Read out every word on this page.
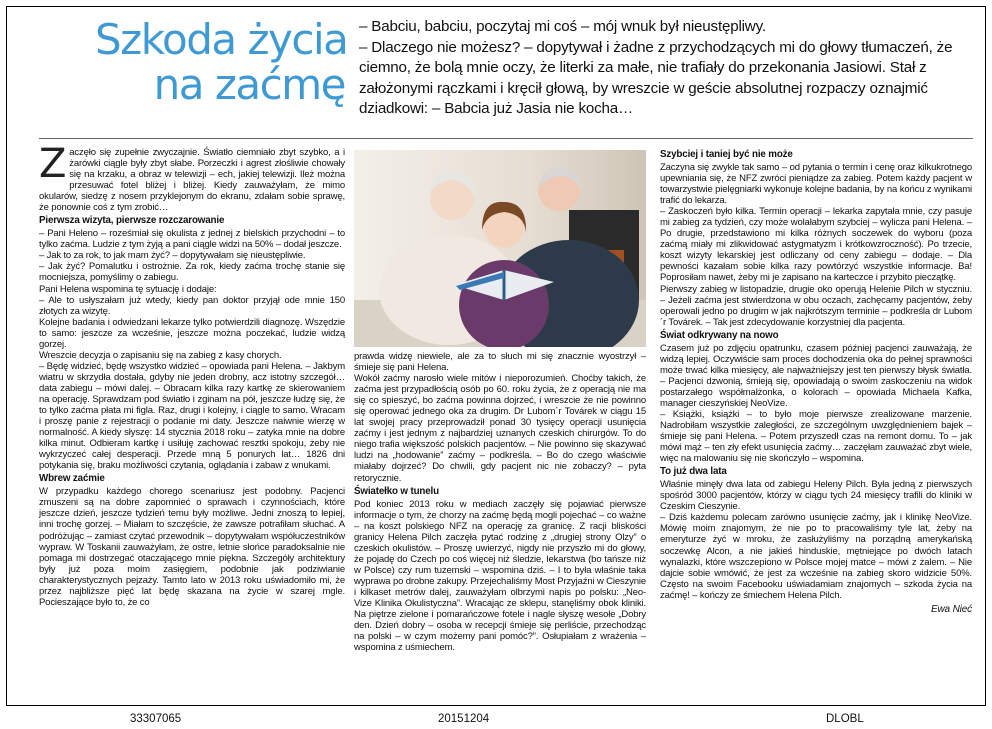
Szkoda życia
na zaćmę

– Babciu, babciu, poczytaj mi coś – mój wnuk był nieustępliwy.

– Dlaczego nie możesz? – dopytywał i żadne z przychodzących mi do głowy tłumaczeń, że ciemno, że bolą mnie oczy, że literki za małe, nie trafiały do przekonania Jasiowi. Stał z założonymi rączkami i kręcił głową, by wreszcie w geście absolutnej rozpaczy oznajmić dziadkowi: – Babcia już Jasia nie kocha…

Zaczęło się zupełnie zwyczajnie. Światło ciemniało zbyt szybko, a i żarówki ciągle były zbyt słabe. Porzeczki i agrest złośliwie chowały się na krzaku, a obraz w telewizji – ech, jakiej telewizji. Ileż można przesuwać fotel bliżej i bliżej. Kiedy zauważyłam, że mimo okularów, siedzę z nosem przyklejonym do ekranu, zdałam sobie sprawę, że ponownie coś z tym zrobić…

Pierwsza wizyta, pierwsze rozczarowanie

– Pani Heleno – roześmiał się okulista z jednej z bielskich przychodni – to tylko zaćma. Ludzie z tym żyją a pani ciągle widzi na 50% – dodał jeszcze.

– Jak to za rok, to jak mam żyć? – dopytywałam się nieustępliwie.

– Jak żyć? Pomalutku i ostrożnie. Za rok, kiedy zaćma trochę stanie się mocniejsza, pomyślimy o zabiegu.

Pani Helena wspomina tę sytuację i dodaje:

– Ale to usłyszałam już wtedy, kiedy pan doktor przyjął ode mnie 150 złotych za wizytę.

Kolejne badania i odwiedzani lekarze tylko potwierdzili diagnozę. Wszędzie to samo: jeszcze za wcześnie, jeszcze można poczekać, ludzie widzą gorzej.

Wreszcie decyzja o zapisaniu się na zabieg z kasy chorych.

– Będę widzieć, będę wszystko widzieć – opowiada pani Helena. – Jakbym wiatru w skrzydła dostała, gdyby nie jeden drobny, acz istotny szczegół… data zabiegu – mówi dalej. – Obracam kilka razy kartkę ze skierowaniem na operację. Sprawdzam pod światło i zginam na pół, jeszcze łudzę się, że to tylko zaćma płata mi figla. Raz, drugi i kolejny, i ciągle to samo. Wracam i proszę panie z rejestracji o podanie mi daty. Jeszcze naiwnie wierzę w normalność. A kiedy słyszę: 14 stycznia 2018 roku – zatyka mnie na dobre kilka minut. Odbieram kartkę i usiłuję zachować resztki spokoju, żeby nie wykrzyczeć całej desperacji. Przede mną 5 ponurych lat… 1826 dni potykania się, braku możliwości czytania, oglądania i zabaw z wnukami.

Wbrew zaćmie

W przypadku każdego chorego scenariusz jest podobny. Pacjenci zmuszeni są na dobre zapomnieć o sprawach i czynnościach, które jeszcze dzień, jeszcze tydzień temu były możliwe. Jedni znoszą to lepiej, inni trochę gorzej. – Miałam to szczęście, że zawsze potrafiłam słuchać. A podróżując – zamiast czytać przewodnik – dopytywałam współuczestników wypraw. W Toskanii zauważyłam, że ostre, letnie słońce paradoksalnie nie pomaga mi dostrzegać otaczającego mnie piękna. Szczegóły architektury były już poza moim zasięgiem, podobnie jak podziwianie charakterystycznych pejzaży. Tamto lato w 2013 roku uświadomiło mi, że przez najbliższe pięć lat będę skazana na życie w szarej mgle. Pocieszające było to, że co

prawda widzę niewiele, ale za to słuch mi się znacznie wyostrzył – śmieje się pani Helena.

Wokół zaćmy narosło wiele mitów i nieporozumień. Choćby takich, że zaćma jest przypadłością osób po 60. roku życia, że z operacją nie ma się co spieszyć, bo zaćma powinna dojrzeć, i wreszcie że nie powinno się operować jednego oka za drugim. Dr Lubom´r Továrek w ciągu 15 lat swojej pracy przeprowadził ponad 30 tysięcy operacji usunięcia zaćmy i jest jednym z najbardziej uznanych czeskich chirurgów. To do niego trafia większość polskich pacjentów. – Nie powinno się skazywać ludzi na „hodowanie” zaćmy – podkreśla. – Bo do czego właściwie miałaby dojrzeć? Do chwili, gdy pacjent nic nie zobaczy? – pyta retorycznie.

Światełko w tunelu

Pod koniec 2013 roku w mediach zaczęły się pojawiać pierwsze informacje o tym, że chorzy na zaćmę będą mogli pojechać – co ważne – na koszt polskiego NFZ na operację za granicę. Z racji bliskości granicy Helena Pilch zaczęła pytać rodzinę z „drugiej strony Olzy” o czeskich okulistów. – Proszę uwierzyć, nigdy nie przyszło mi do głowy, że pojadę do Czech po coś więcej niż śledzie, lekarstwa (bo tańsze niż w Polsce) czy rum tuzemski – wspomina dziś. – I to była właśnie taka wyprawa po drobne zakupy. Przejechaliśmy Most Przyjaźni w Cieszynie i kilkaset metrów dalej, zauważyłam olbrzymi napis po polsku: „Neo-Vize Klinika Okulistyczna”. Wracając ze sklepu, stanęliśmy obok kliniki. Na piętrze zielone i pomarańczowe fotele i nagle słyszę wesołe „Dobry den. Dzień dobry – osoba w recepcji śmieje się perliście, przechodząc na polski – w czym możemy pani pomóc?”. Osłupiałam z wrażenia – wspomina z uśmiechem.

Szybciej i taniej być nie może

Zaczyna się zwykle tak samo – od pytania o termin i cenę oraz kilkukrotnego upewniania się, że NFZ zwróci pieniądze za zabieg. Potem każdy pacjent w towarzystwie pielęgniarki wykonuje kolejne badania, by na końcu z wynikami trafić do lekarza.

– Zaskoczeń było kilka. Termin operacji – lekarka zapytała mnie, czy pasuje mi zabieg za tydzień, czy może wolałabym szybciej – wylicza pani Helena. – Po drugie, przedstawiono mi kilka różnych soczewek do wyboru (poza zaćmą miały mi zlikwidować astygmatyzm i krótkowzroczność). Po trzecie, koszt wizyty lekarskiej jest odliczany od ceny zabiegu – dodaje. – Dla pewności kazałam sobie kilka razy powtórzyć wszystkie informacje. Ba! Poprosiłam nawet, żeby mi je zapisano na karteczce i przybito pieczątkę.

Pierwszy zabieg w listopadzie, drugie oko operują Helenie Pilch w styczniu. – Jeżeli zaćma jest stwierdzona w obu oczach, zachęcamy pacjentów, żeby operowali jedno po drugim w jak najkrótszym terminie – podkreśla dr Lubom´r Továrek. – Tak jest zdecydowanie korzystniej dla pacjenta.

Świat odkrywany na nowo

Czasem już po zdjęciu opatrunku, czasem później pacjenci zauważają, że widzą lepiej. Oczywiście sam proces dochodzenia oka do pełnej sprawności może trwać kilka miesięcy, ale najważniejszy jest ten pierwszy błysk światła. – Pacjenci dzwonią, śmieją się, opowiadają o swoim zaskoczeniu na widok postarzałego współmałżonka, o kolorach – opowiada Michaela Kafka, manager cieszyńskiej NeoVize.

– Książki, książki – to było moje pierwsze zrealizowane marzenie. Nadrobiłam wszystkie zaległości, ze szczególnym uwzględnieniem bajek – śmieje się pani Helena. – Potem przyszedł czas na remont domu. To – jak mówi mąż – ten zły efekt usunięcia zaćmy… zaczęłam zauważać zbyt wiele, więc na malowaniu się nie skończyło – wspomina.

To już dwa lata

Właśnie minęły dwa lata od zabiegu Heleny Pilch. Była jedną z pierwszych spośród 3000 pacjentów, którzy w ciągu tych 24 miesięcy trafili do kliniki w Czeskim Cieszynie.

– Dziś każdemu polecam zarówno usunięcie zaćmy, jak i klinikę NeoVize. Mówię moim znajomym, że nie po to pracowaliśmy tyle lat, żeby na emeryturze żyć w mroku, że zasłużyliśmy na porządną amerykańską soczewkę Alcon, a nie jakieś hinduskie, mętniejące po dwóch latach wynalazki, które wszczepiono w Polsce mojej matce – mówi z żalem. – Nie dajcie sobie wmówić, że jest za wcześnie na zabieg skoro widzicie 50%. Często na swoim Facebooku uświadamiam znajomych – szkoda życia na zaćmę! – kończy ze śmiechem Helena Pilch.

Ewa Nieć

33307065	20151204	DLOBL
